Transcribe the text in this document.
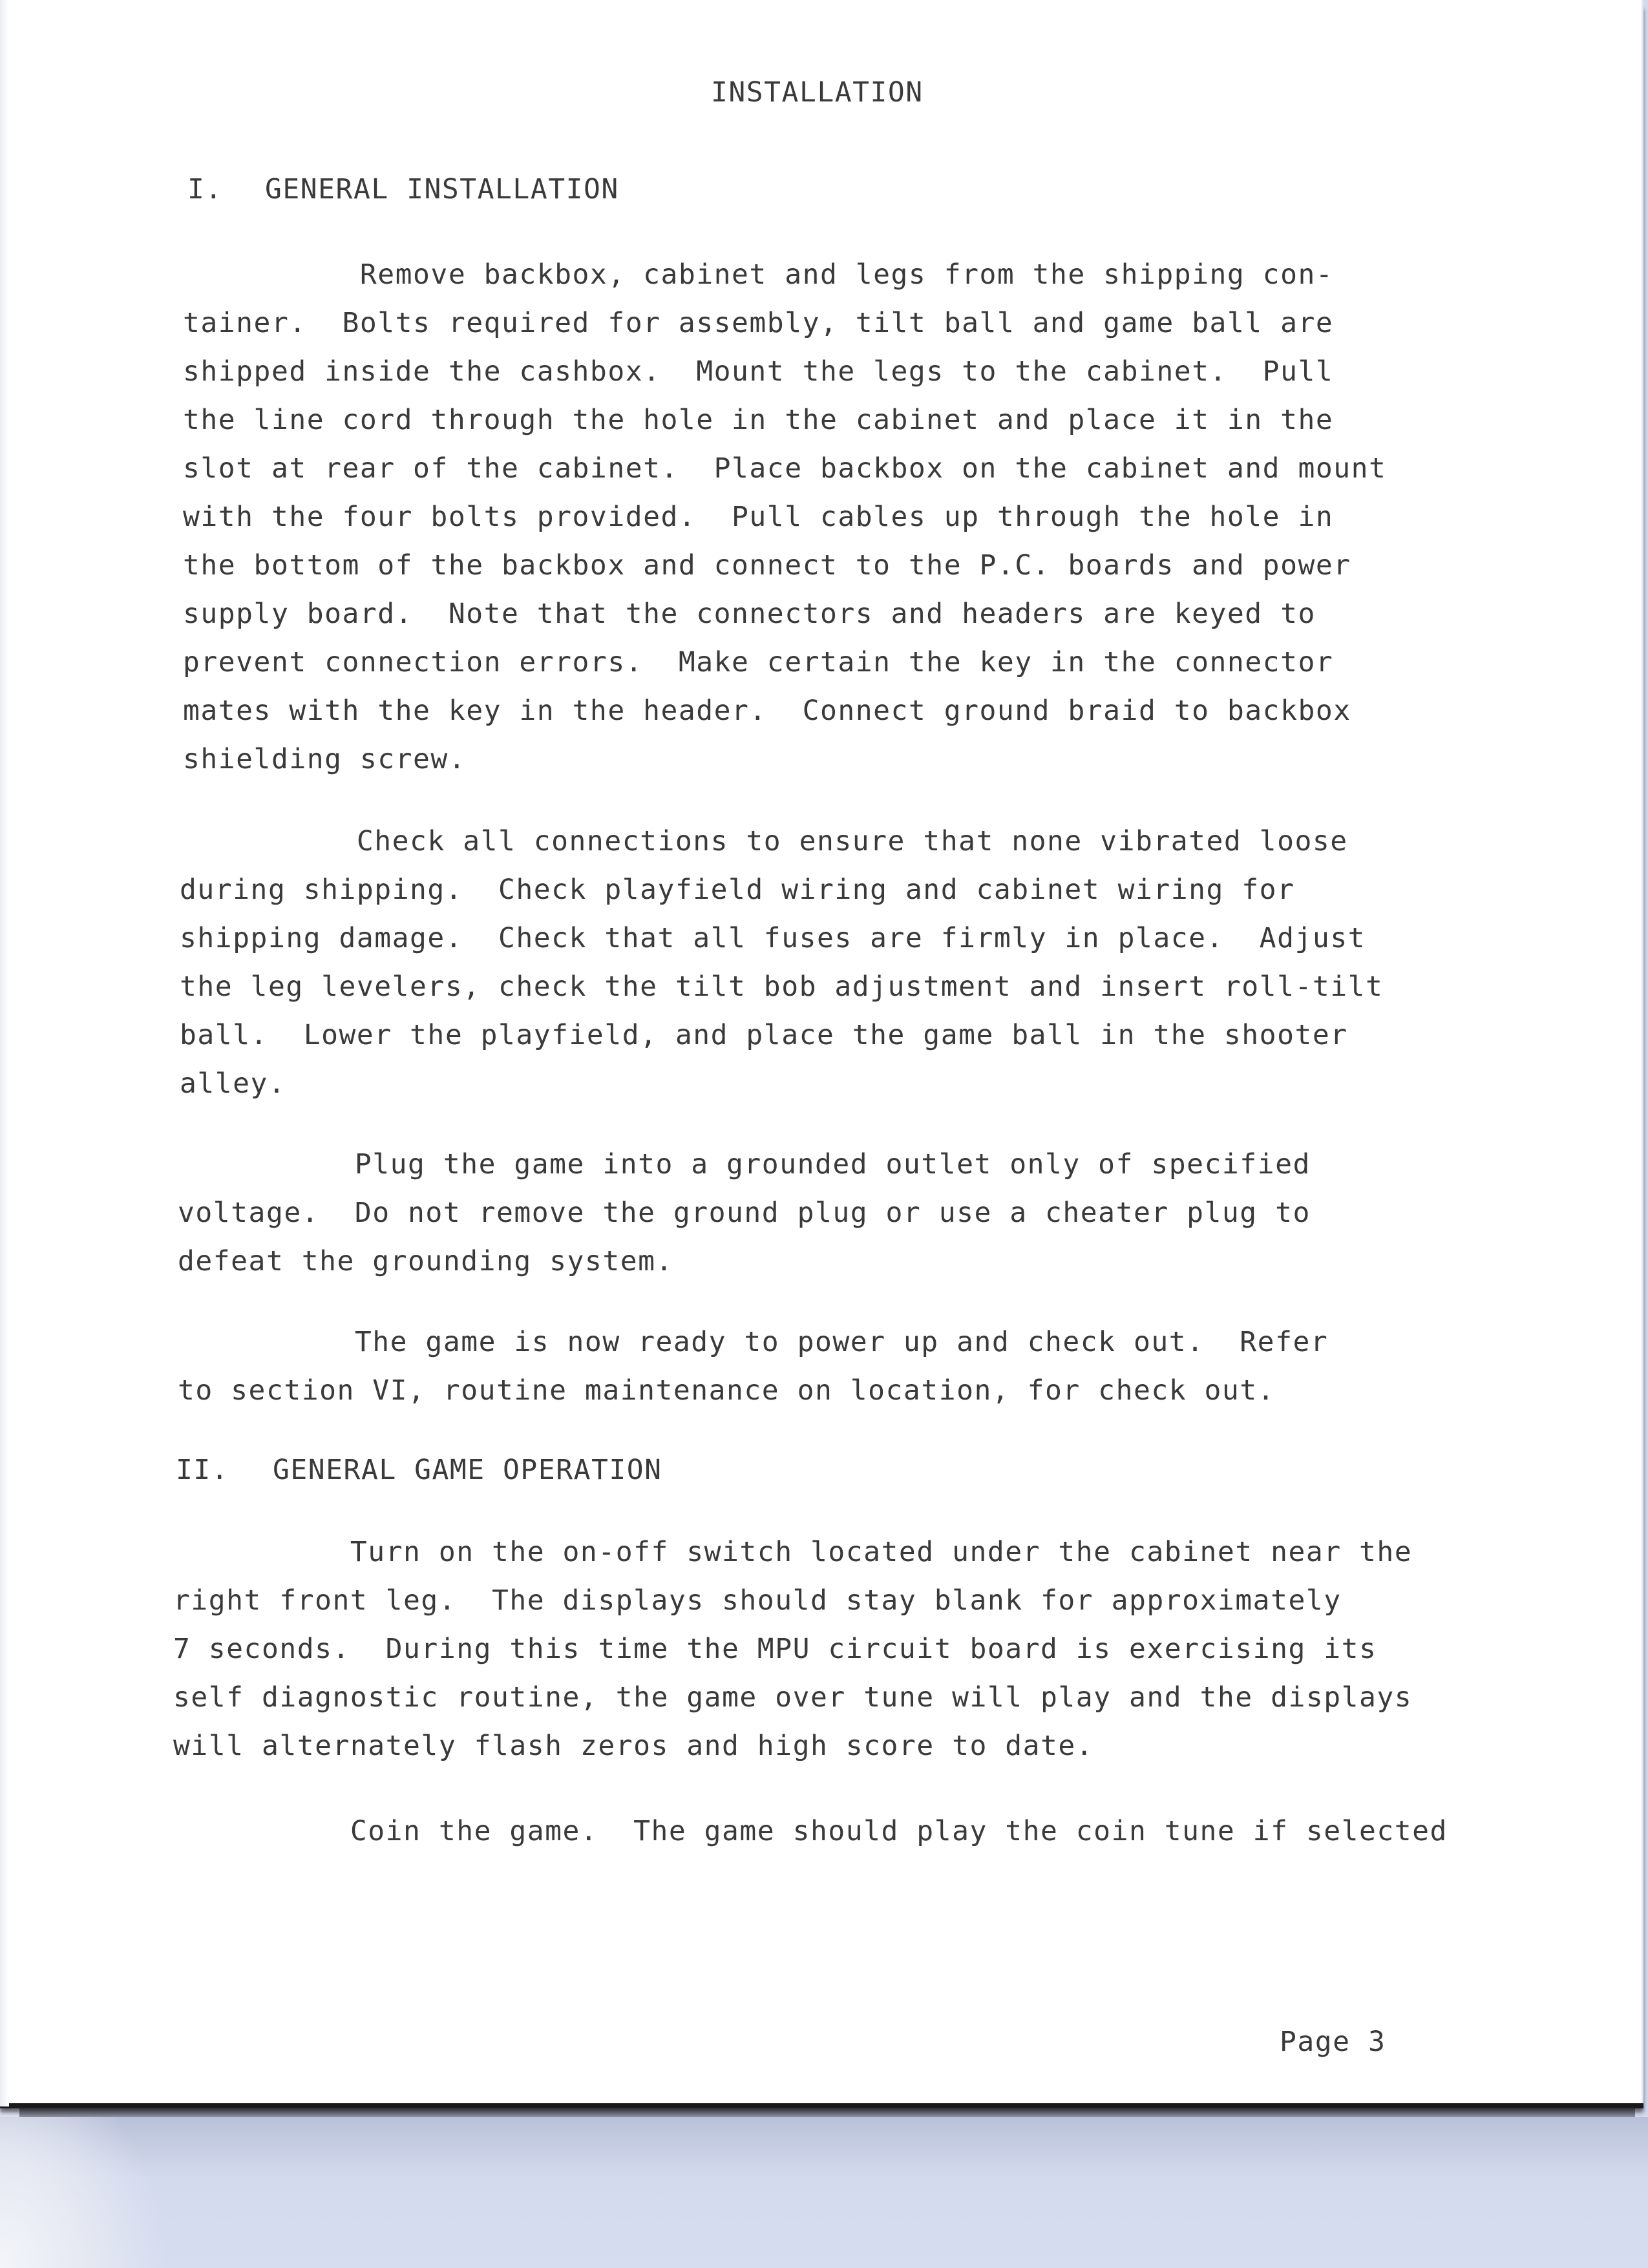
INSTALLATION
I. GENERAL INSTALLATION

Remove backbox, cabinet and legs from the shipping con-
tainer.  Bolts required for assembly, tilt ball and game ball are
shipped inside the cashbox.  Mount the legs to the cabinet.  Pull
the line cord through the hole in the cabinet and place it in the
slot at rear of the cabinet.  Place backbox on the cabinet and mount
with the four bolts provided.  Pull cables up through the hole in
the bottom of the backbox and connect to the P.C. boards and power
supply board.  Note that the connectors and headers are keyed to
prevent connection errors.  Make certain the key in the connector
mates with the key in the header.  Connect ground braid to backbox
shielding screw.

Check all connections to ensure that none vibrated loose
during shipping.  Check playfield wiring and cabinet wiring for
shipping damage.  Check that all fuses are firmly in place.  Adjust
the leg levelers, check the tilt bob adjustment and insert roll-tilt
ball.  Lower the playfield, and place the game ball in the shooter
alley.

Plug the game into a grounded outlet only of specified
voltage.  Do not remove the ground plug or use a cheater plug to
defeat the grounding system.

The game is now ready to power up and check out.  Refer
to section VI, routine maintenance on location, for check out.

II. GENERAL GAME OPERATION

Turn on the on-off switch located under the cabinet near the
right front leg.  The displays should stay blank for approximately
7 seconds.  During this time the MPU circuit board is exercising its
self diagnostic routine, the game over tune will play and the displays
will alternately flash zeros and high score to date.

Coin the game.  The game should play the coin tune if selected

Page 3
